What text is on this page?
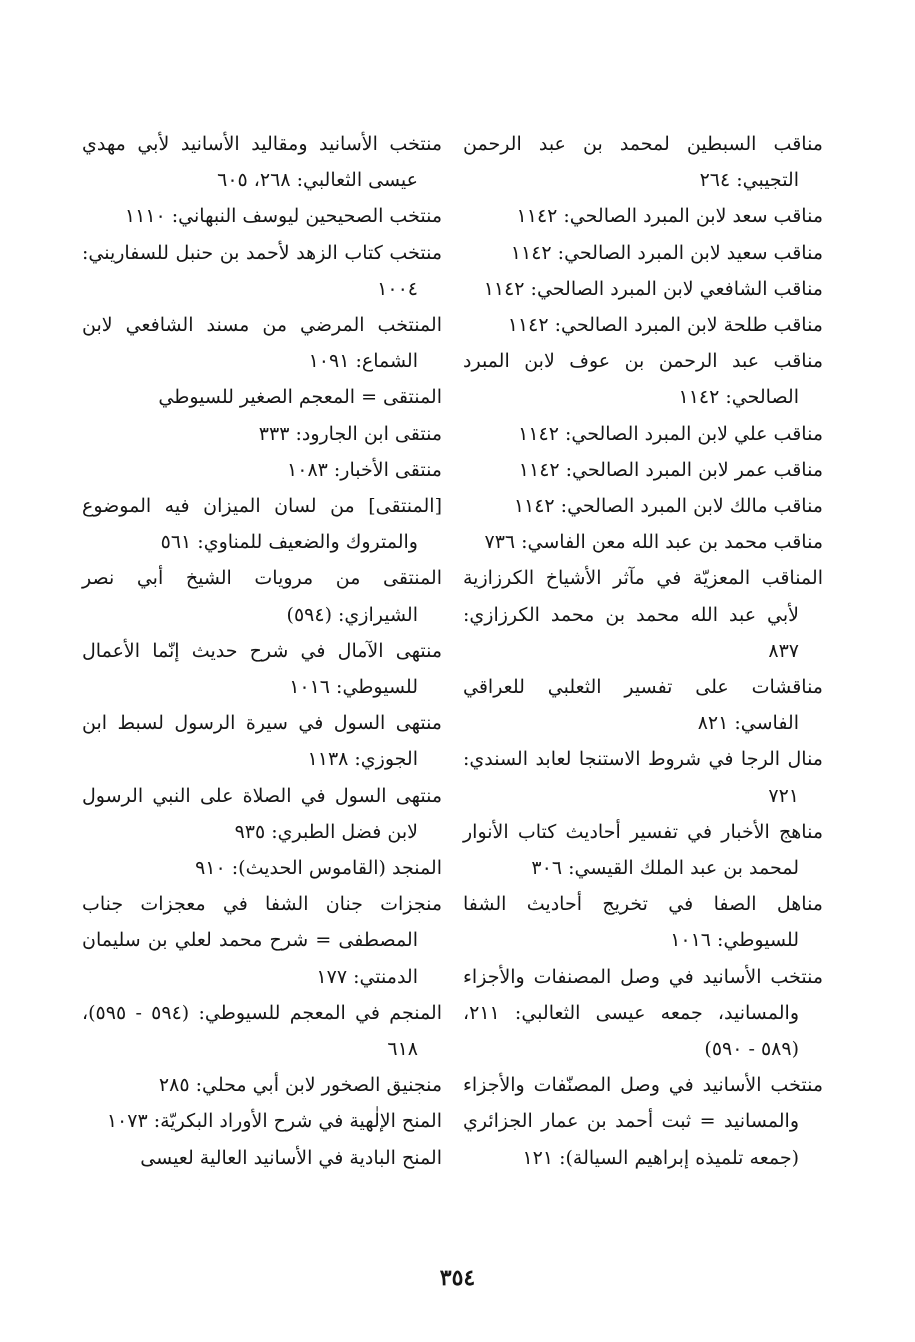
مناقب السبطين لمحمد بن عبد الرحمن التجيبي: ٢٦٤

مناقب سعد لابن المبرد الصالحي: ١١٤٢

مناقب سعيد لابن المبرد الصالحي: ١١٤٢

مناقب الشافعي لابن المبرد الصالحي: ١١٤٢

مناقب طلحة لابن المبرد الصالحي: ١١٤٢

مناقب عبد الرحمن بن عوف لابن المبرد الصالحي: ١١٤٢

مناقب علي لابن المبرد الصالحي: ١١٤٢

مناقب عمر لابن المبرد الصالحي: ١١٤٢

مناقب مالك لابن المبرد الصالحي: ١١٤٢

مناقب محمد بن عبد الله معن الفاسي: ٧٣٦

المناقب المعزيّة في مآثر الأشياخ الكرزازية لأبي عبد الله محمد بن محمد الكرزازي: ٨٣٧

مناقشات على تفسير الثعلبي للعراقي الفاسي: ٨٢١

منال الرجا في شروط الاستنجا لعابد السندي: ٧٢١

مناهج الأخبار في تفسير أحاديث كتاب الأنوار لمحمد بن عبد الملك القيسي: ٣٠٦

مناهل الصفا في تخريج أحاديث الشفا للسيوطي: ١٠١٦

منتخب الأسانيد في وصل المصنفات والأجزاء والمسانيد، جمعه عيسى الثعالبي: ٢١١، (٥٨٩ - ٥٩٠)

منتخب الأسانيد في وصل المصنّفات والأجزاء والمسانيد = ثبت أحمد بن عمار الجزائري (جمعه تلميذه إبراهيم السيالة): ١٢١

منتخب الأسانيد ومقاليد الأسانيد لأبي مهدي عيسى الثعالبي: ٢٦٨، ٦٠٥

منتخب الصحيحين ليوسف النبهاني: ١١١٠

منتخب كتاب الزهد لأحمد بن حنبل للسفاريني: ١٠٠٤

المنتخب المرضي من مسند الشافعي لابن الشماع: ١٠٩١

المنتقى = المعجم الصغير للسيوطي

منتقى ابن الجارود: ٣٣٣

منتقى الأخبار: ١٠٨٣

[المنتقى] من لسان الميزان فيه الموضوع والمتروك والضعيف للمناوي: ٥٦١

المنتقى من مرويات الشيخ أبي نصر الشيرازي: (٥٩٤)

منتهى الآمال في شرح حديث إنّما الأعمال للسيوطي: ١٠١٦

منتهى السول في سيرة الرسول لسبط ابن الجوزي: ١١٣٨

منتهى السول في الصلاة على النبي الرسول لابن فضل الطبري: ٩٣٥

المنجد (القاموس الحديث): ٩١٠

منجزات جنان الشفا في معجزات جناب المصطفى = شرح محمد لعلي بن سليمان الدمنتي: ١٧٧

المنجم في المعجم للسيوطي: (٥٩٤ - ٥٩٥)، ٦١٨

منجنيق الصخور لابن أبي محلي: ٢٨٥

المنح الإلٰهية في شرح الأوراد البكريّة: ١٠٧٣

المنح البادية في الأسانيد العالية لعيسى

٣٥٤
